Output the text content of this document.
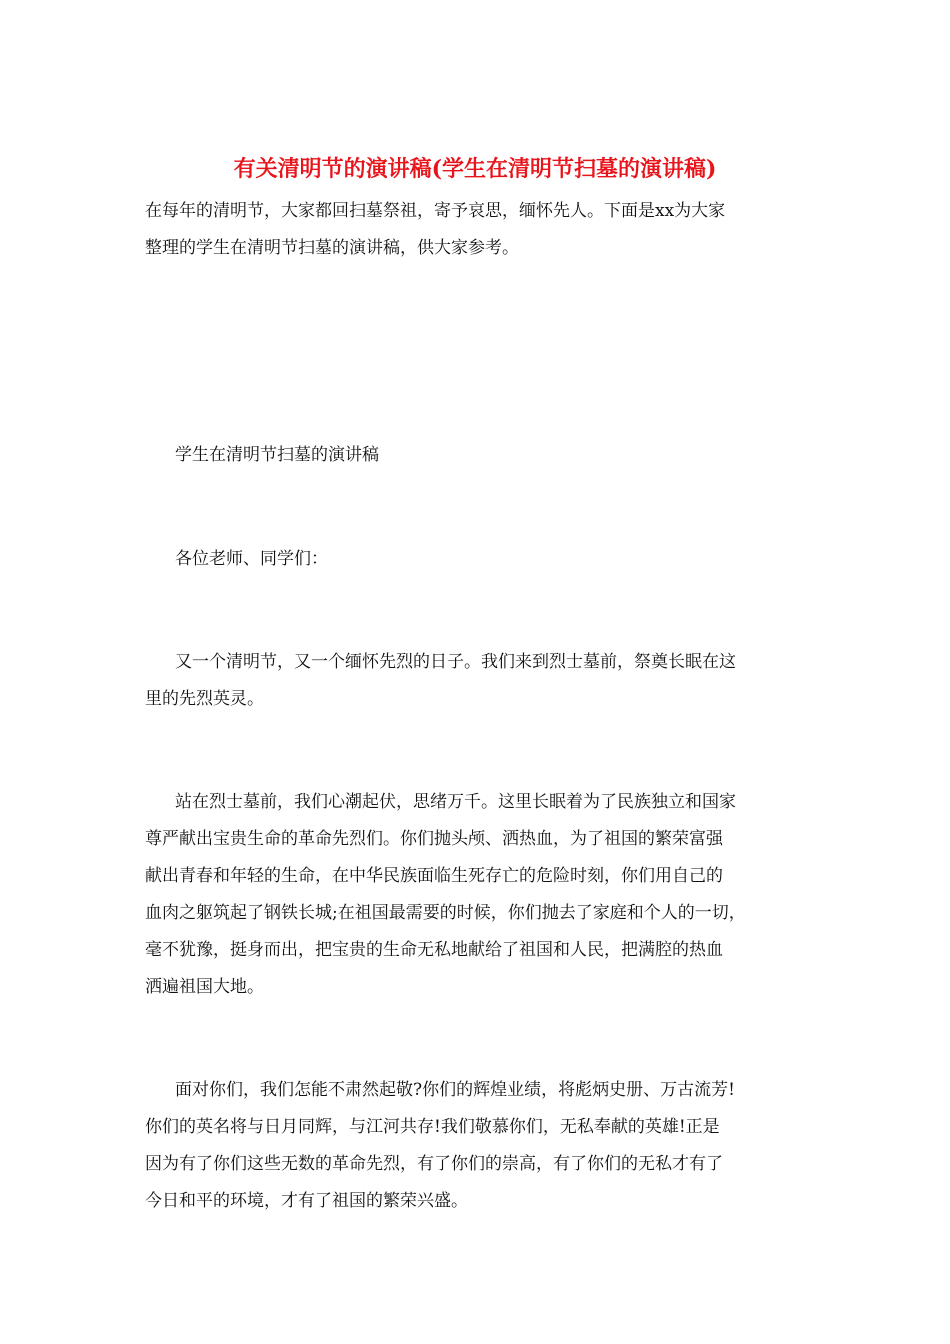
有关清明节的演讲稿(学生在清明节扫墓的演讲稿)
在每年的清明节，大家都回扫墓祭祖，寄予哀思，缅怀先人。下面是xx为大家
整理的学生在清明节扫墓的演讲稿，供大家参考。
学生在清明节扫墓的演讲稿
各位老师、同学们：
又一个清明节，又一个缅怀先烈的日子。我们来到烈士墓前，祭奠长眠在这
里的先烈英灵。
站在烈士墓前，我们心潮起伏，思绪万千。这里长眠着为了民族独立和国家
尊严献出宝贵生命的革命先烈们。你们抛头颅、洒热血，为了祖国的繁荣富强
献出青春和年轻的生命，在中华民族面临生死存亡的危险时刻，你们用自己的
血肉之躯筑起了钢铁长城;在祖国最需要的时候，你们抛去了家庭和个人的一切，
毫不犹豫，挺身而出，把宝贵的生命无私地献给了祖国和人民，把满腔的热血
洒遍祖国大地。
面对你们，我们怎能不肃然起敬?你们的辉煌业绩，将彪炳史册、万古流芳!
你们的英名将与日月同辉，与江河共存!我们敬慕你们，无私奉献的英雄!正是
因为有了你们这些无数的革命先烈，有了你们的崇高，有了你们的无私才有了
今日和平的环境，才有了祖国的繁荣兴盛。
